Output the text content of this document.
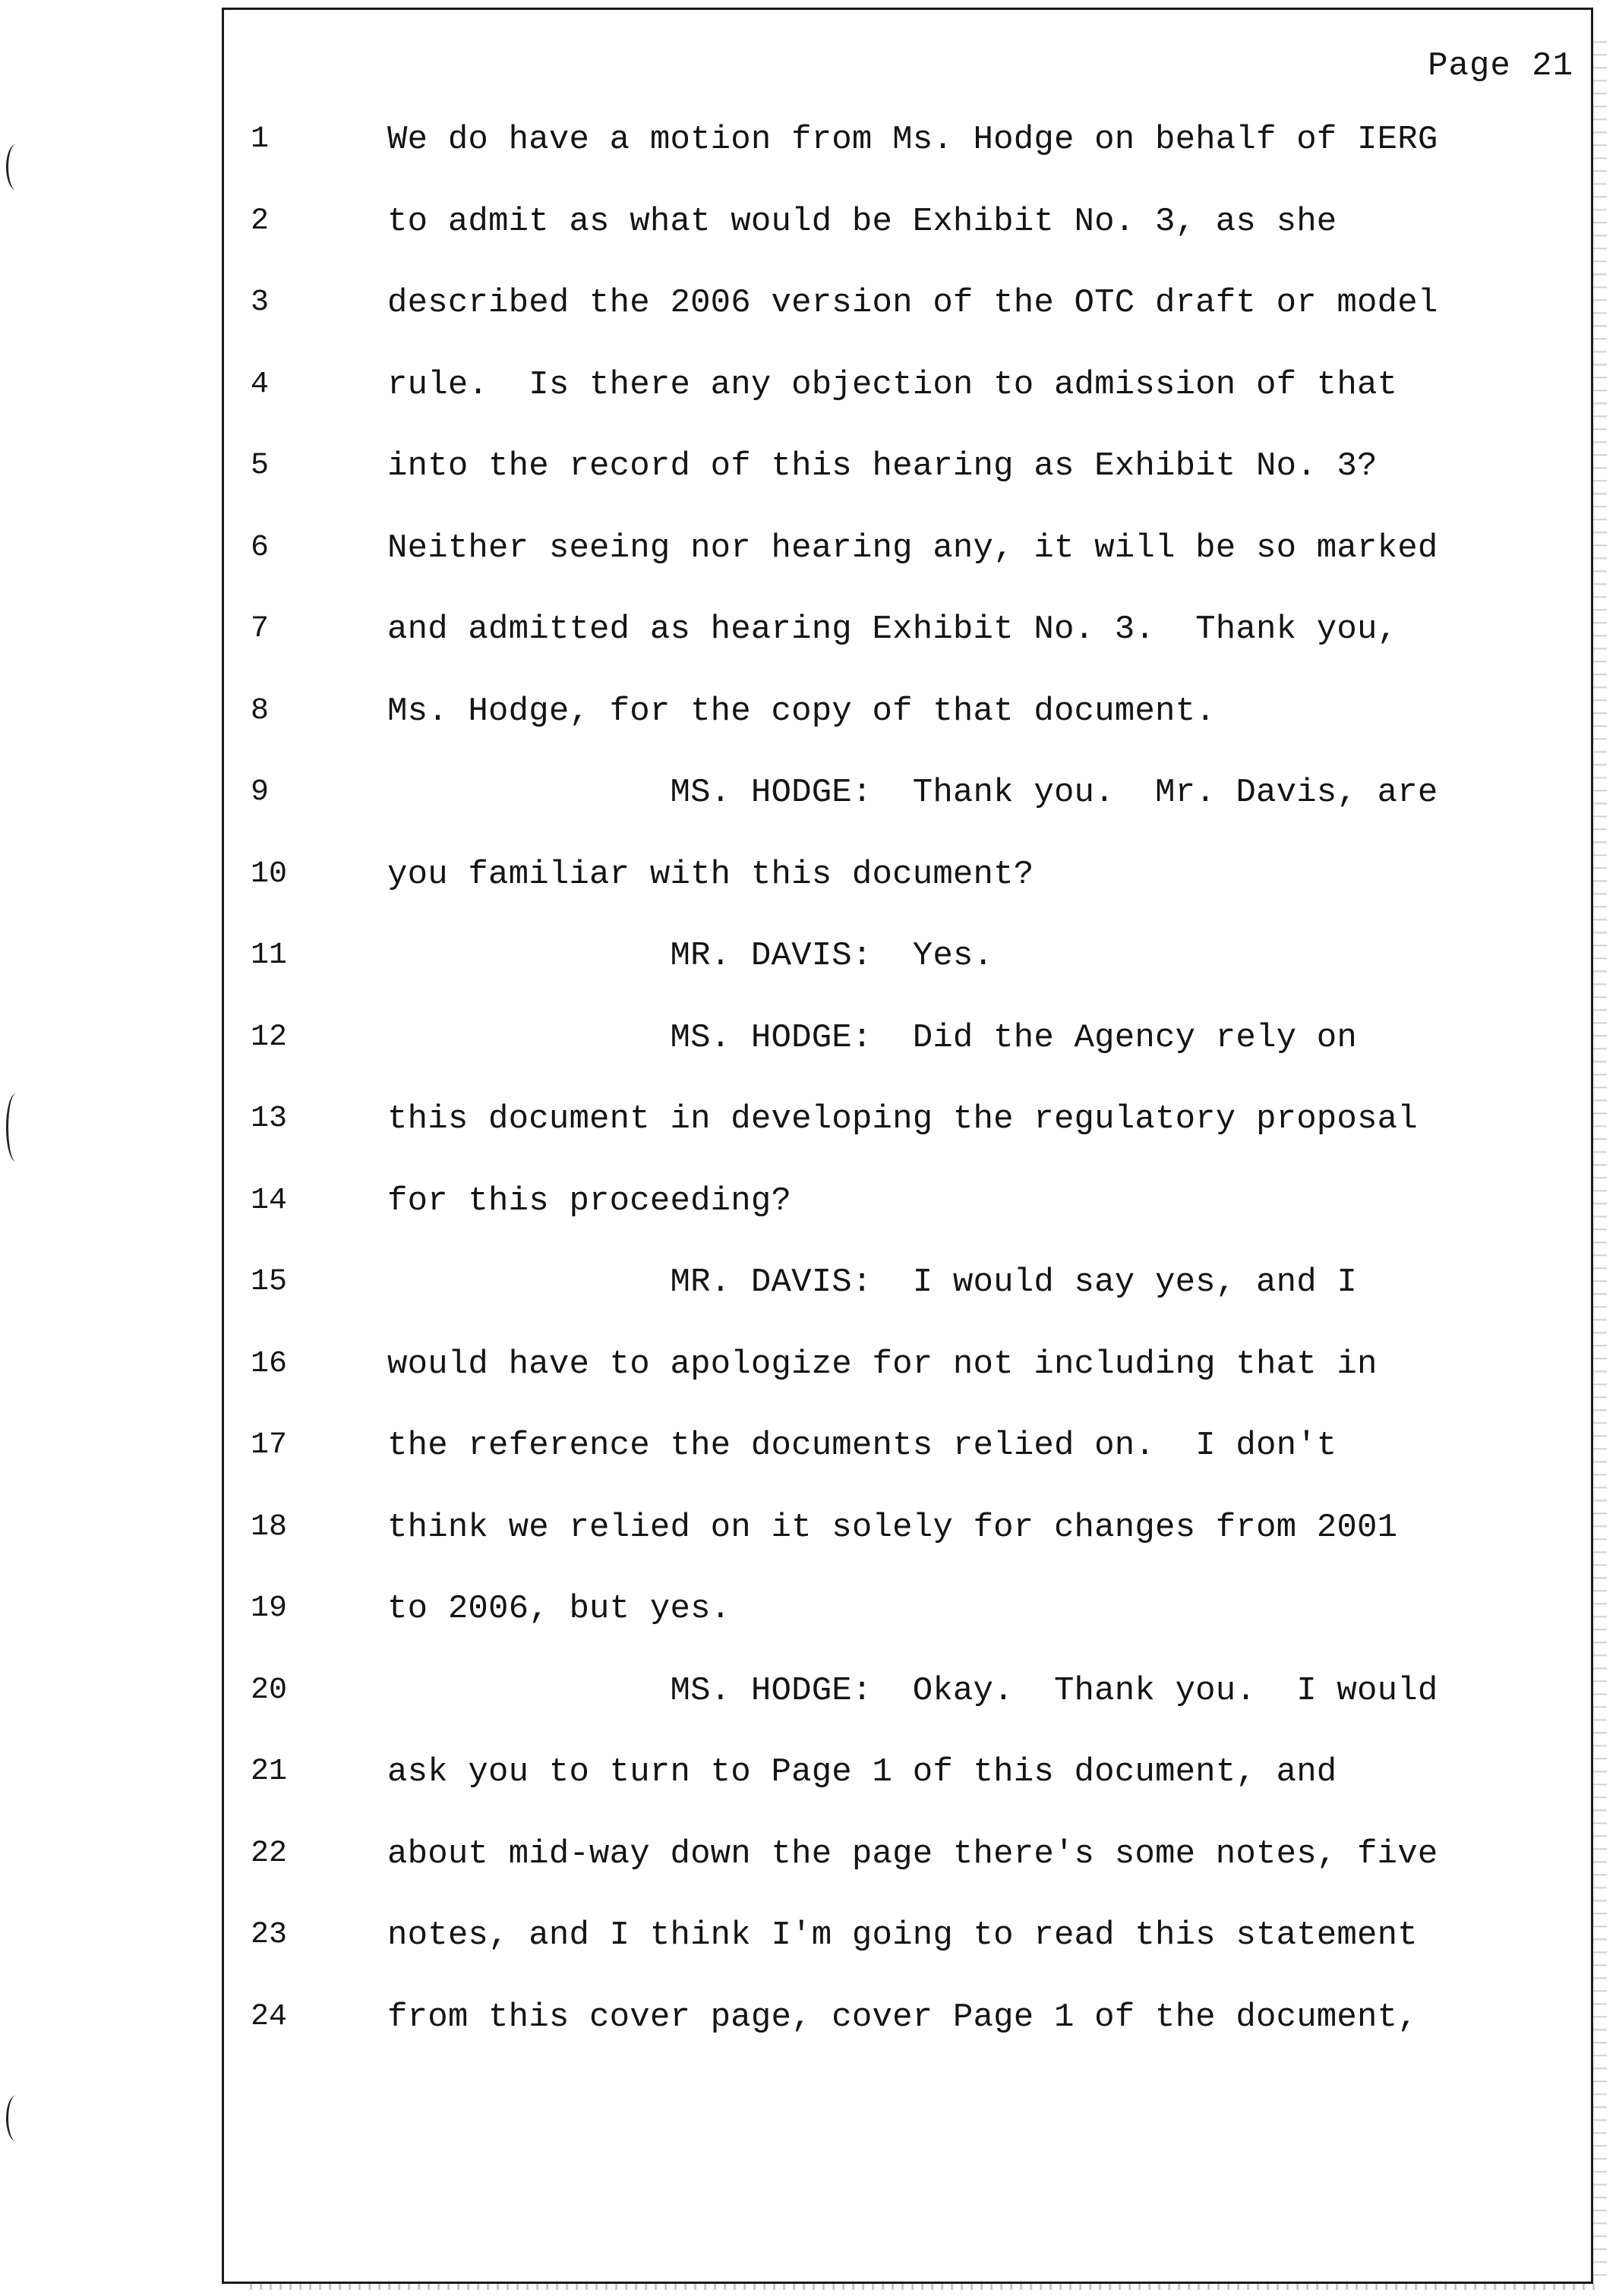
Page 21
1	We do have a motion from Ms. Hodge on behalf of IERG
2	to admit as what would be Exhibit No. 3, as she
3	described the 2006 version of the OTC draft or model
4	rule.  Is there any objection to admission of that
5	into the record of this hearing as Exhibit No. 3?
6	Neither seeing nor hearing any, it will be so marked
7	and admitted as hearing Exhibit No. 3.  Thank you,
8	Ms. Hodge, for the copy of that document.
9	MS. HODGE:  Thank you.  Mr. Davis, are
10	you familiar with this document?
11	MR. DAVIS:  Yes.
12	MS. HODGE:  Did the Agency rely on
13	this document in developing the regulatory proposal
14	for this proceeding?
15	MR. DAVIS:  I would say yes, and I
16	would have to apologize for not including that in
17	the reference the documents relied on.  I don't
18	think we relied on it solely for changes from 2001
19	to 2006, but yes.
20	MS. HODGE:  Okay.  Thank you.  I would
21	ask you to turn to Page 1 of this document, and
22	about mid-way down the page there's some notes, five
23	notes, and I think I'm going to read this statement
24	from this cover page, cover Page 1 of the document,
